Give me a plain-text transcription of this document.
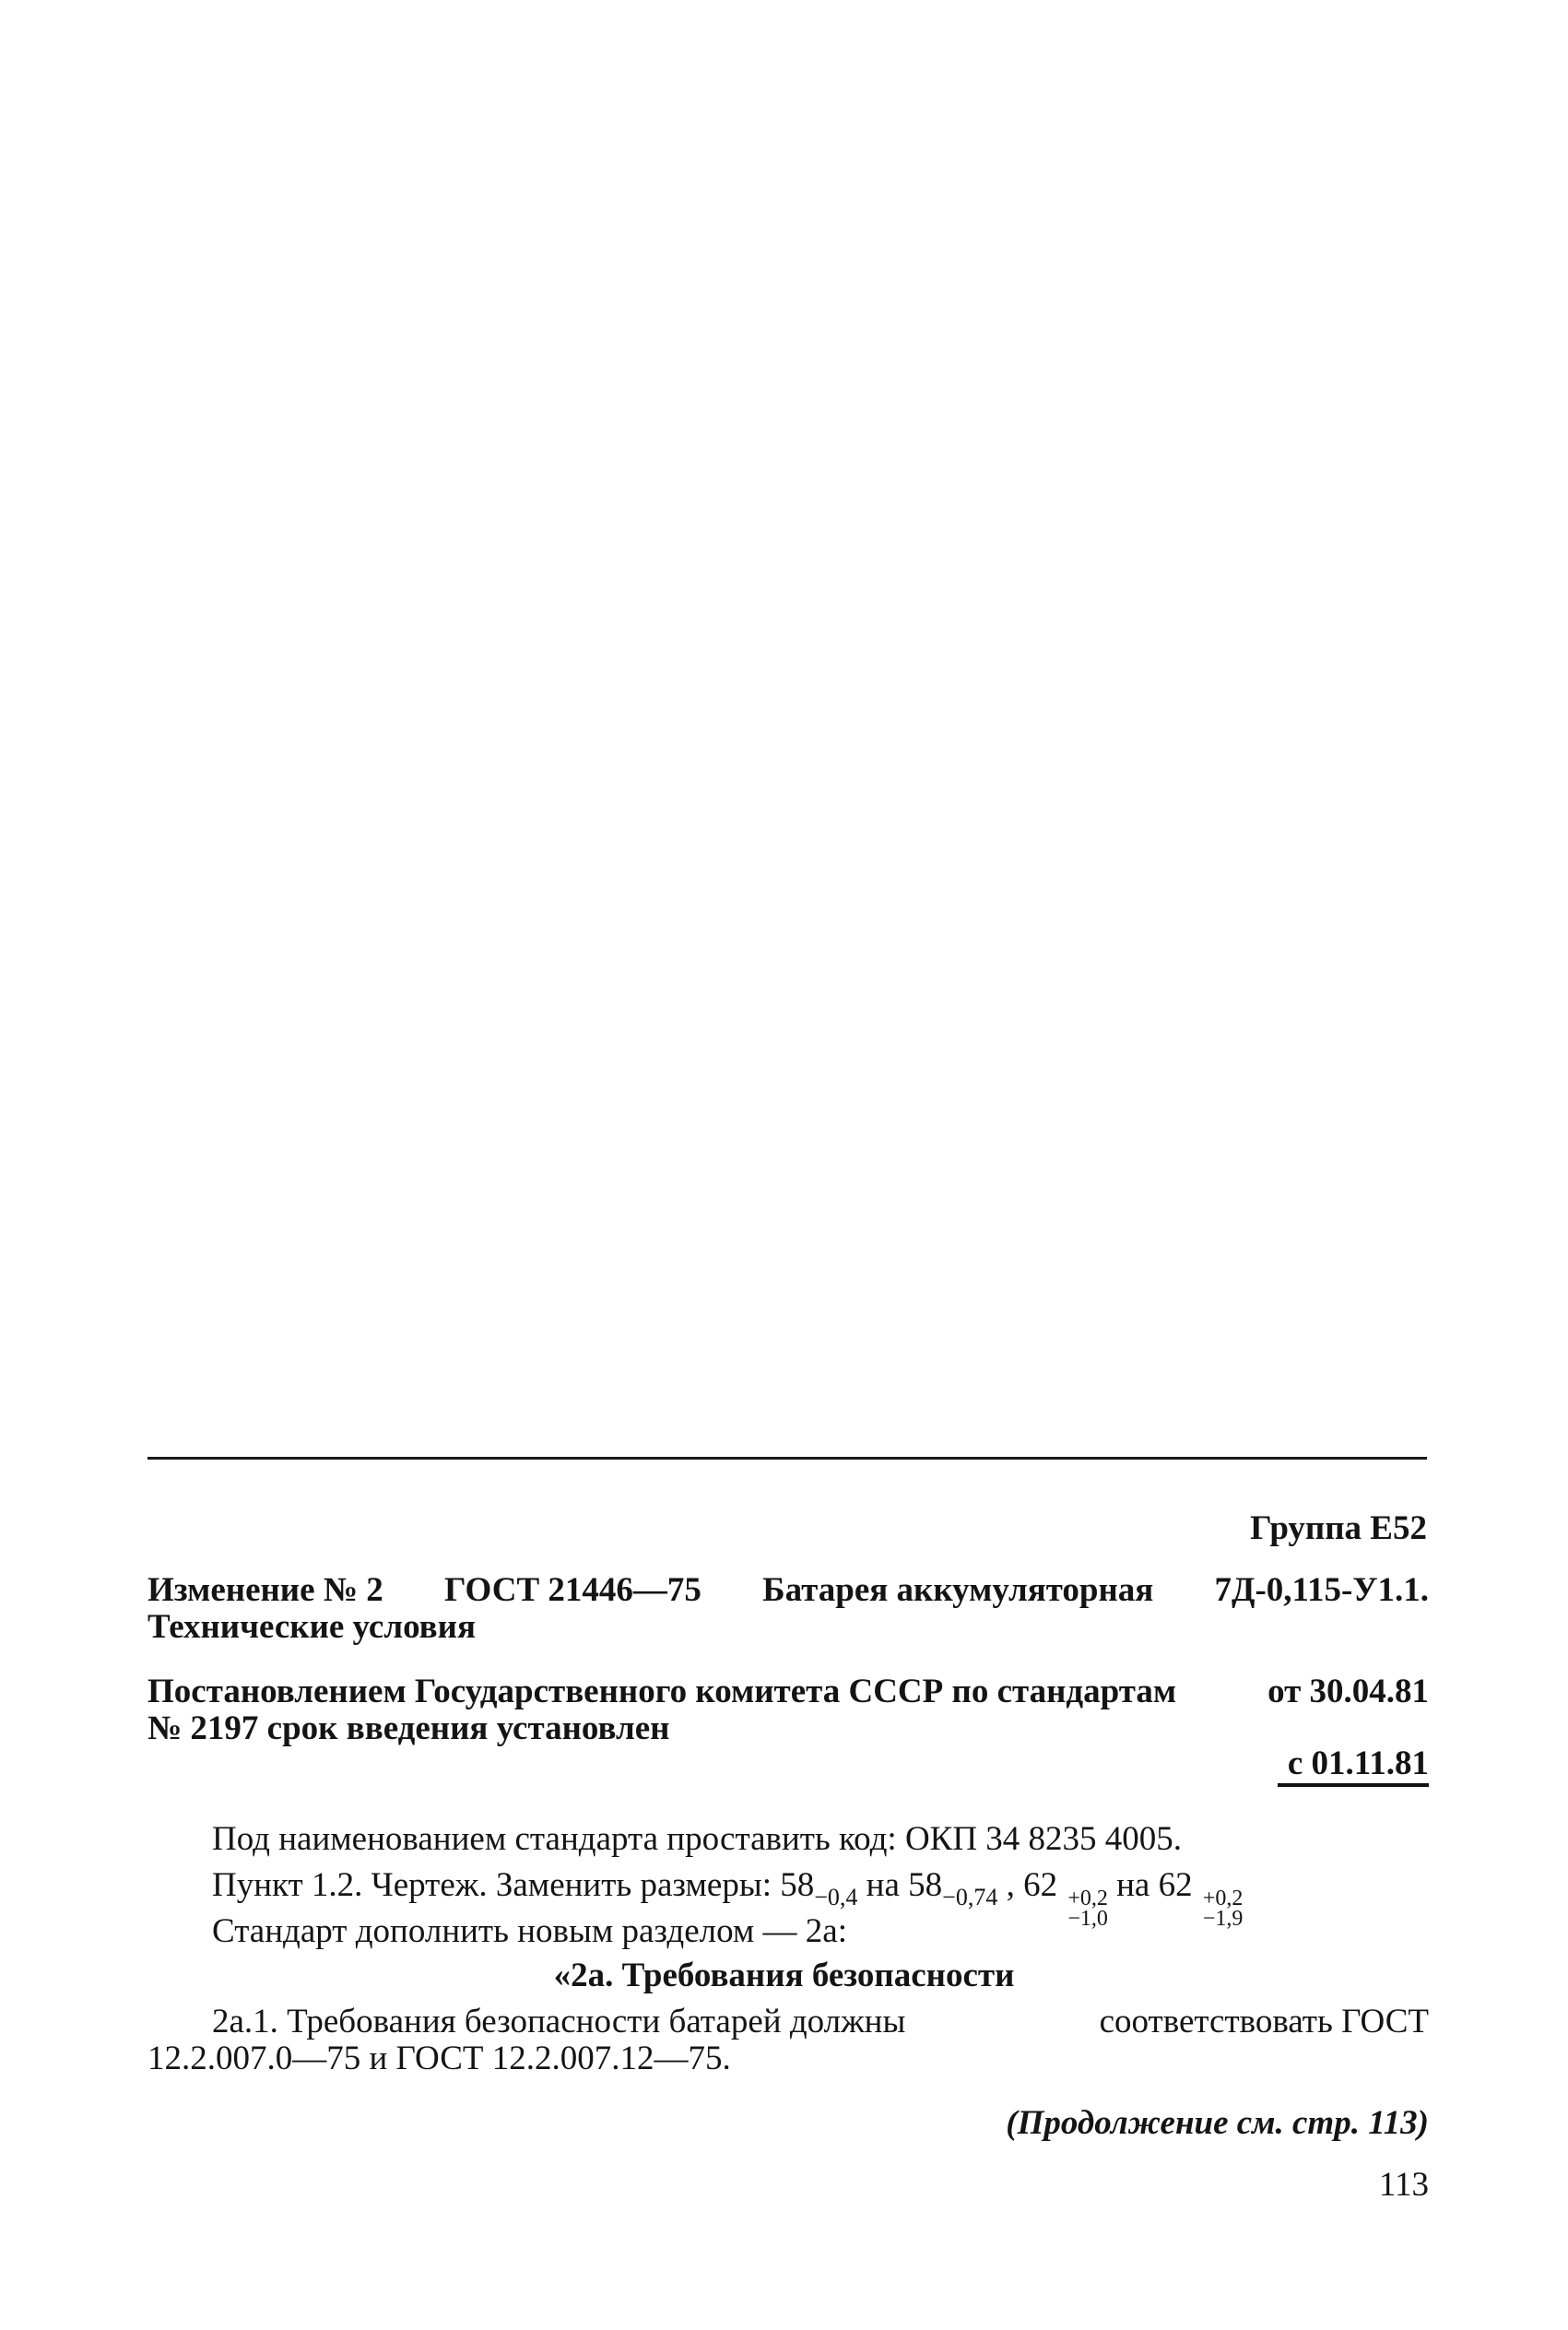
Группа Е52
Изменение № 2 ГОСТ 21446—75 Батарея аккумуляторная 7Д-0,115-У1.1.
Технические условия
Постановлением Государственного комитета СССР по стандартам	от 30.04.81
№ 2197 срок введения установлен
с 01.11.81
Под наименованием стандарта проставить код: ОКП 34 8235 4005.
Пункт 1.2. Чертеж. Заменить размеры: $58_{-0,4}$ на $58_{-0,74}$ , 62 +0,2
−1,0
на 62 +0,2
−1,9
Стандарт дополнить новым разделом — 2а:
«2а. Требования безопасности
2а.1. Требования безопасности батарей должны	соответствовать ГОСТ
12.2.007.0—75 и ГОСТ 12.2.007.12—75.
(Продолжение см. стр. 113)
113
